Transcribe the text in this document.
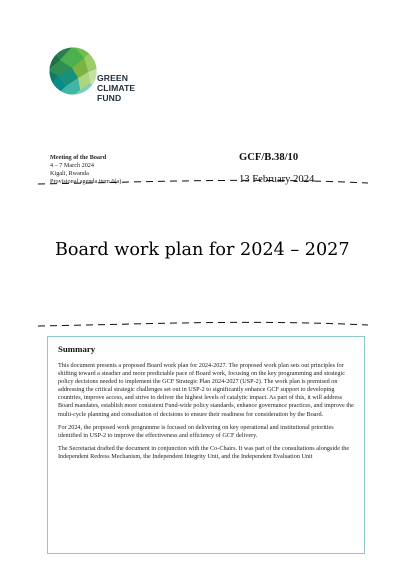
GREEN
CLIMATE
FUND
Meeting of the Board
4 – 7 March 2024
Kigali, Rwanda
Provisional agenda item 6(a)
GCF/B.38/10
13 February 2024
Board work plan for 2024 – 2027
Summary

This document presents a proposed Board work plan for 2024-2027. The proposed work plan sets out principles for shifting toward a steadier and more predictable pace of Board work, focusing on the key programming and strategic policy decisions needed to implement the GCF Strategic Plan 2024-2027 (USP-2). The work plan is premised on addressing the critical strategic challenges set out in USP-2 to significantly enhance GCF support to developing countries, improve access, and strive to deliver the highest levels of catalytic impact. As part of this, it will address Board mandates, establish more consistent Fund-wide policy standards, enhance governance practices, and improve the multi-cycle planning and consultation of decisions to ensure their readiness for consideration by the Board.

For 2024, the proposed work programme is focused on delivering on key operational and institutional priorities identified in USP-2 to improve the effectiveness and efficiency of GCF delivery.

The Secretariat drafted the document in conjunction with the Co-Chairs. It was part of the consultations alongside the Independent Redress Mechanism, the Independent Integrity Unit, and the Independent Evaluation Unit
